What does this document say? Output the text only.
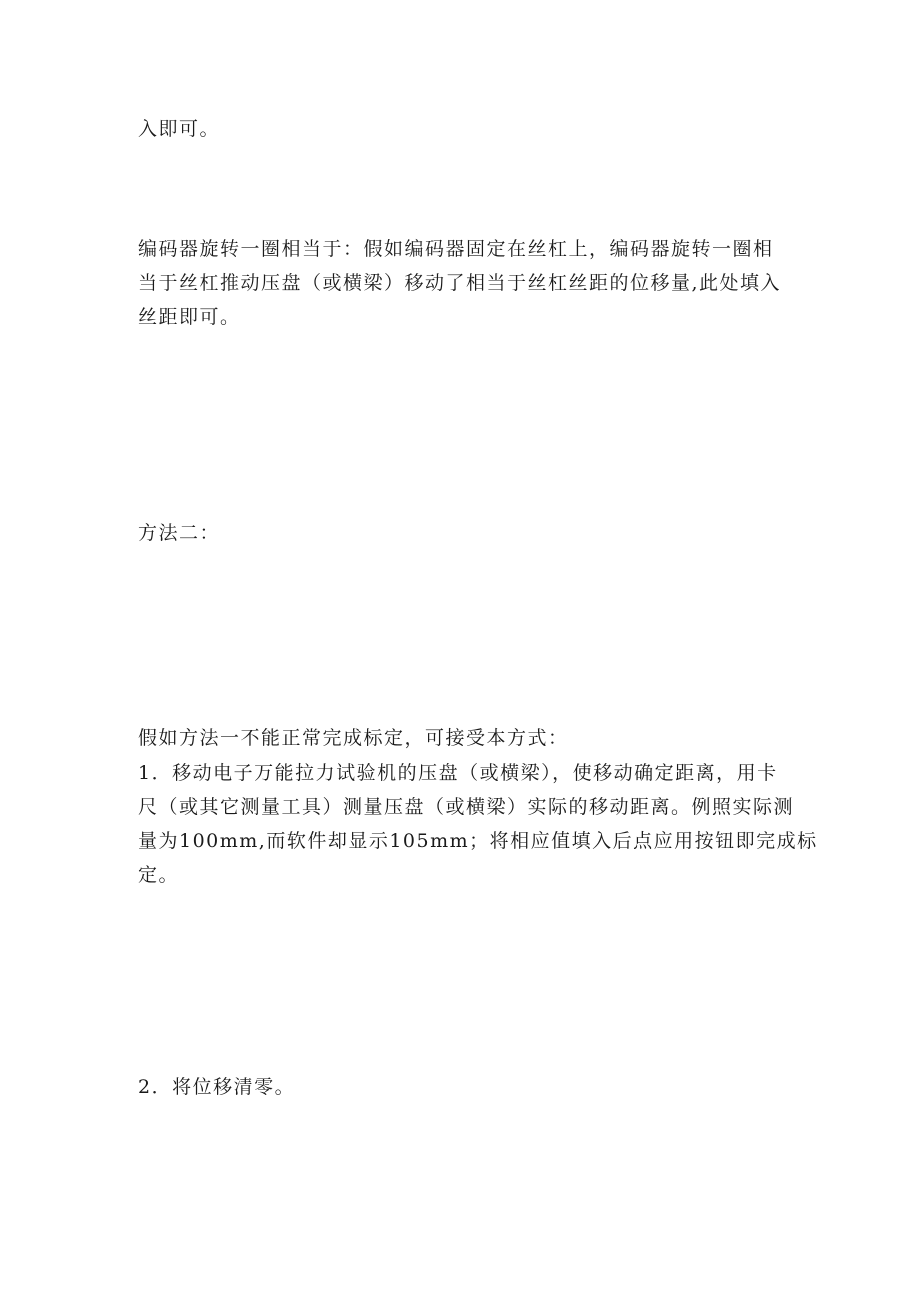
入即可。

编码器旋转一圈相当于：假如编码器固定在丝杠上，编码器旋转一圈相
当于丝杠推动压盘（或横梁）移动了相当于丝杠丝距的位移量,此处填入
丝距即可。

方法二：

假如方法一不能正常完成标定，可接受本方式：

1．移动电子万能拉力试验机的压盘（或横梁），使移动确定距离，用卡
尺（或其它测量工具）测量压盘（或横梁）实际的移动距离。例照实际测
量为100mm,而软件却显示105mm；将相应值填入后点应用按钮即完成标
定。

2．将位移清零。
